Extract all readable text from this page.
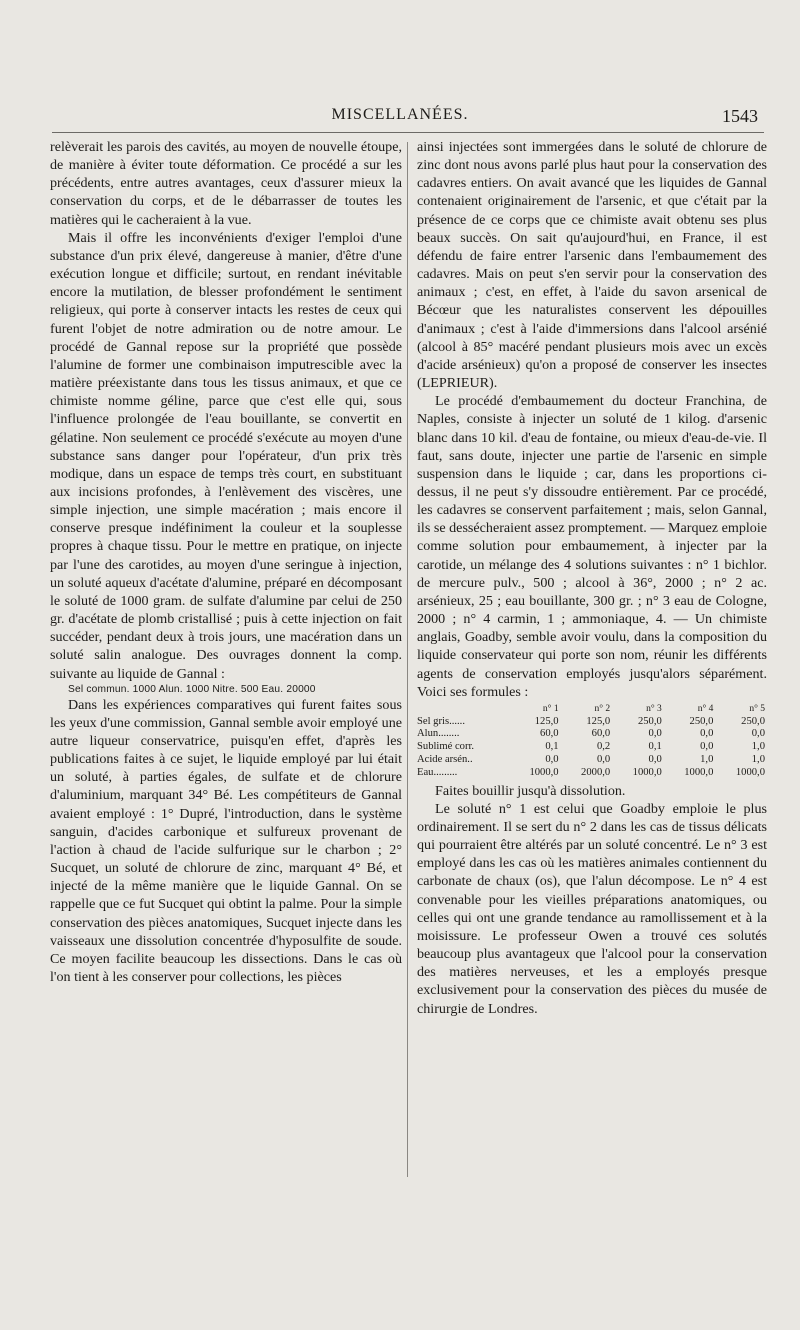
MISCELLANÉES.	1543

relèverait les parois des cavités, au moyen de nouvelle étoupe, de manière à éviter toute déformation. Ce procédé a sur les précédents, entre autres avantages, ceux d'assurer mieux la conservation du corps, et de le débarrasser de toutes les matières qui le cacheraient à la vue.

Mais il offre les inconvénients d'exiger l'emploi d'une substance d'un prix élevé, dangereuse à manier, d'être d'une exécution longue et difficile; surtout, en rendant inévitable encore la mutilation, de blesser profondément le sentiment religieux, qui porte à conserver intacts les restes de ceux qui furent l'objet de notre admiration ou de notre amour. Le procédé de Gannal repose sur la propriété que possède l'alumine de former une combinaison imputrescible avec la matière préexistante dans tous les tissus animaux, et que ce chimiste nomme géline, parce que c'est elle qui, sous l'influence prolongée de l'eau bouillante, se convertit en gélatine. Non seulement ce procédé s'exécute au moyen d'une substance sans danger pour l'opérateur, d'un prix très modique, dans un espace de temps très court, en substituant aux incisions profondes, à l'enlèvement des viscères, une simple injection, une simple macération ; mais encore il conserve presque indéfiniment la couleur et la souplesse propres à chaque tissu. Pour le mettre en pratique, on injecte par l'une des carotides, au moyen d'une seringue à injection, un soluté aqueux d'acétate d'alumine, préparé en décomposant le soluté de 1000 gram. de sulfate d'alumine par celui de 250 gr. d'acétate de plomb cristallisé ; puis à cette injection on fait succéder, pendant deux à trois jours, une macération dans un soluté salin analogue. Des ouvrages donnent la comp. suivante au liquide de Gannal :

Sel commun. 1000 Alun. 1000 Nitre. 500 Eau. 20000

Dans les expériences comparatives qui furent faites sous les yeux d'une commission, Gannal semble avoir employé une autre liqueur conservatrice, puisqu'en effet, d'après les publications faites à ce sujet, le liquide employé par lui était un soluté, à parties égales, de sulfate et de chlorure d'aluminium, marquant 34° Bé. Les compétiteurs de Gannal avaient employé : 1° Dupré, l'introduction, dans le système sanguin, d'acides carbonique et sulfureux provenant de l'action à chaud de l'acide sulfurique sur le charbon ; 2° Sucquet, un soluté de chlorure de zinc, marquant 4° Bé, et injecté de la même manière que le liquide Gannal. On se rappelle que ce fut Sucquet qui obtint la palme. Pour la simple conservation des pièces anatomiques, Sucquet injecte dans les vaisseaux une dissolution concentrée d'hyposulfite de soude. Ce moyen facilite beaucoup les dissections. Dans le cas où l'on tient à les conserver pour collections, les pièces

ainsi injectées sont immergées dans le soluté de chlorure de zinc dont nous avons parlé plus haut pour la conservation des cadavres entiers. On avait avancé que les liquides de Gannal contenaient originairement de l'arsenic, et que c'était par la présence de ce corps que ce chimiste avait obtenu ses plus beaux succès. On sait qu'aujourd'hui, en France, il est défendu de faire entrer l'arsenic dans l'embaumement des cadavres. Mais on peut s'en servir pour la conservation des animaux ; c'est, en effet, à l'aide du savon arsenical de Bécœur que les naturalistes conservent les dépouilles d'animaux ; c'est à l'aide d'immersions dans l'alcool arsénié (alcool à 85° macéré pendant plusieurs mois avec un excès d'acide arsénieux) qu'on a proposé de conserver les insectes (LEPRIEUR).

Le procédé d'embaumement du docteur Franchina, de Naples, consiste à injecter un soluté de 1 kilog. d'arsenic blanc dans 10 kil. d'eau de fontaine, ou mieux d'eau-de-vie. Il faut, sans doute, injecter une partie de l'arsenic en simple suspension dans le liquide ; car, dans les proportions ci-dessus, il ne peut s'y dissoudre entièrement. Par ce procédé, les cadavres se conservent parfaitement ; mais, selon Gannal, ils se dessécheraient assez promptement. — Marquez emploie comme solution pour embaumement, à injecter par la carotide, un mélange des 4 solutions suivantes : n° 1 bichlor. de mercure pulv., 500 ; alcool à 36°, 2000 ; n° 2 ac. arsénieux, 25 ; eau bouillante, 300 gr. ; n° 3 eau de Cologne, 2000 ; n° 4 carmin, 1 ; ammoniaque, 4. — Un chimiste anglais, Goadby, semble avoir voulu, dans la composition du liquide conservateur qui porte son nom, réunir les différents agents de conservation employés jusqu'alors séparément. Voici ses formules :

	n° 1	n° 2	n° 3	n° 4	n° 5
Sel gris......	125,0	125,0	250,0	250,0	250,0
Alun........	60,0	60,0	0,0	0,0	0,0
Sublimé corr.	0,1	0,2	0,1	0,0	1,0
Acide arsén..	0,0	0,0	0,0	1,0	1,0
Eau.........	1000,0	2000,0	1000,0	1000,0	1000,0

Faites bouillir jusqu'à dissolution.

Le soluté n° 1 est celui que Goadby emploie le plus ordinairement. Il se sert du n° 2 dans les cas de tissus délicats qui pourraient être altérés par un soluté concentré. Le n° 3 est employé dans les cas où les matières animales contiennent du carbonate de chaux (os), que l'alun décompose. Le n° 4 est convenable pour les vieilles préparations anatomiques, ou celles qui ont une grande tendance au ramollissement et à la moisissure. Le professeur Owen a trouvé ces solutés beaucoup plus avantageux que l'alcool pour la conservation des matières nerveuses, et les a employés presque exclusivement pour la conservation des pièces du musée de chirurgie de Londres.
